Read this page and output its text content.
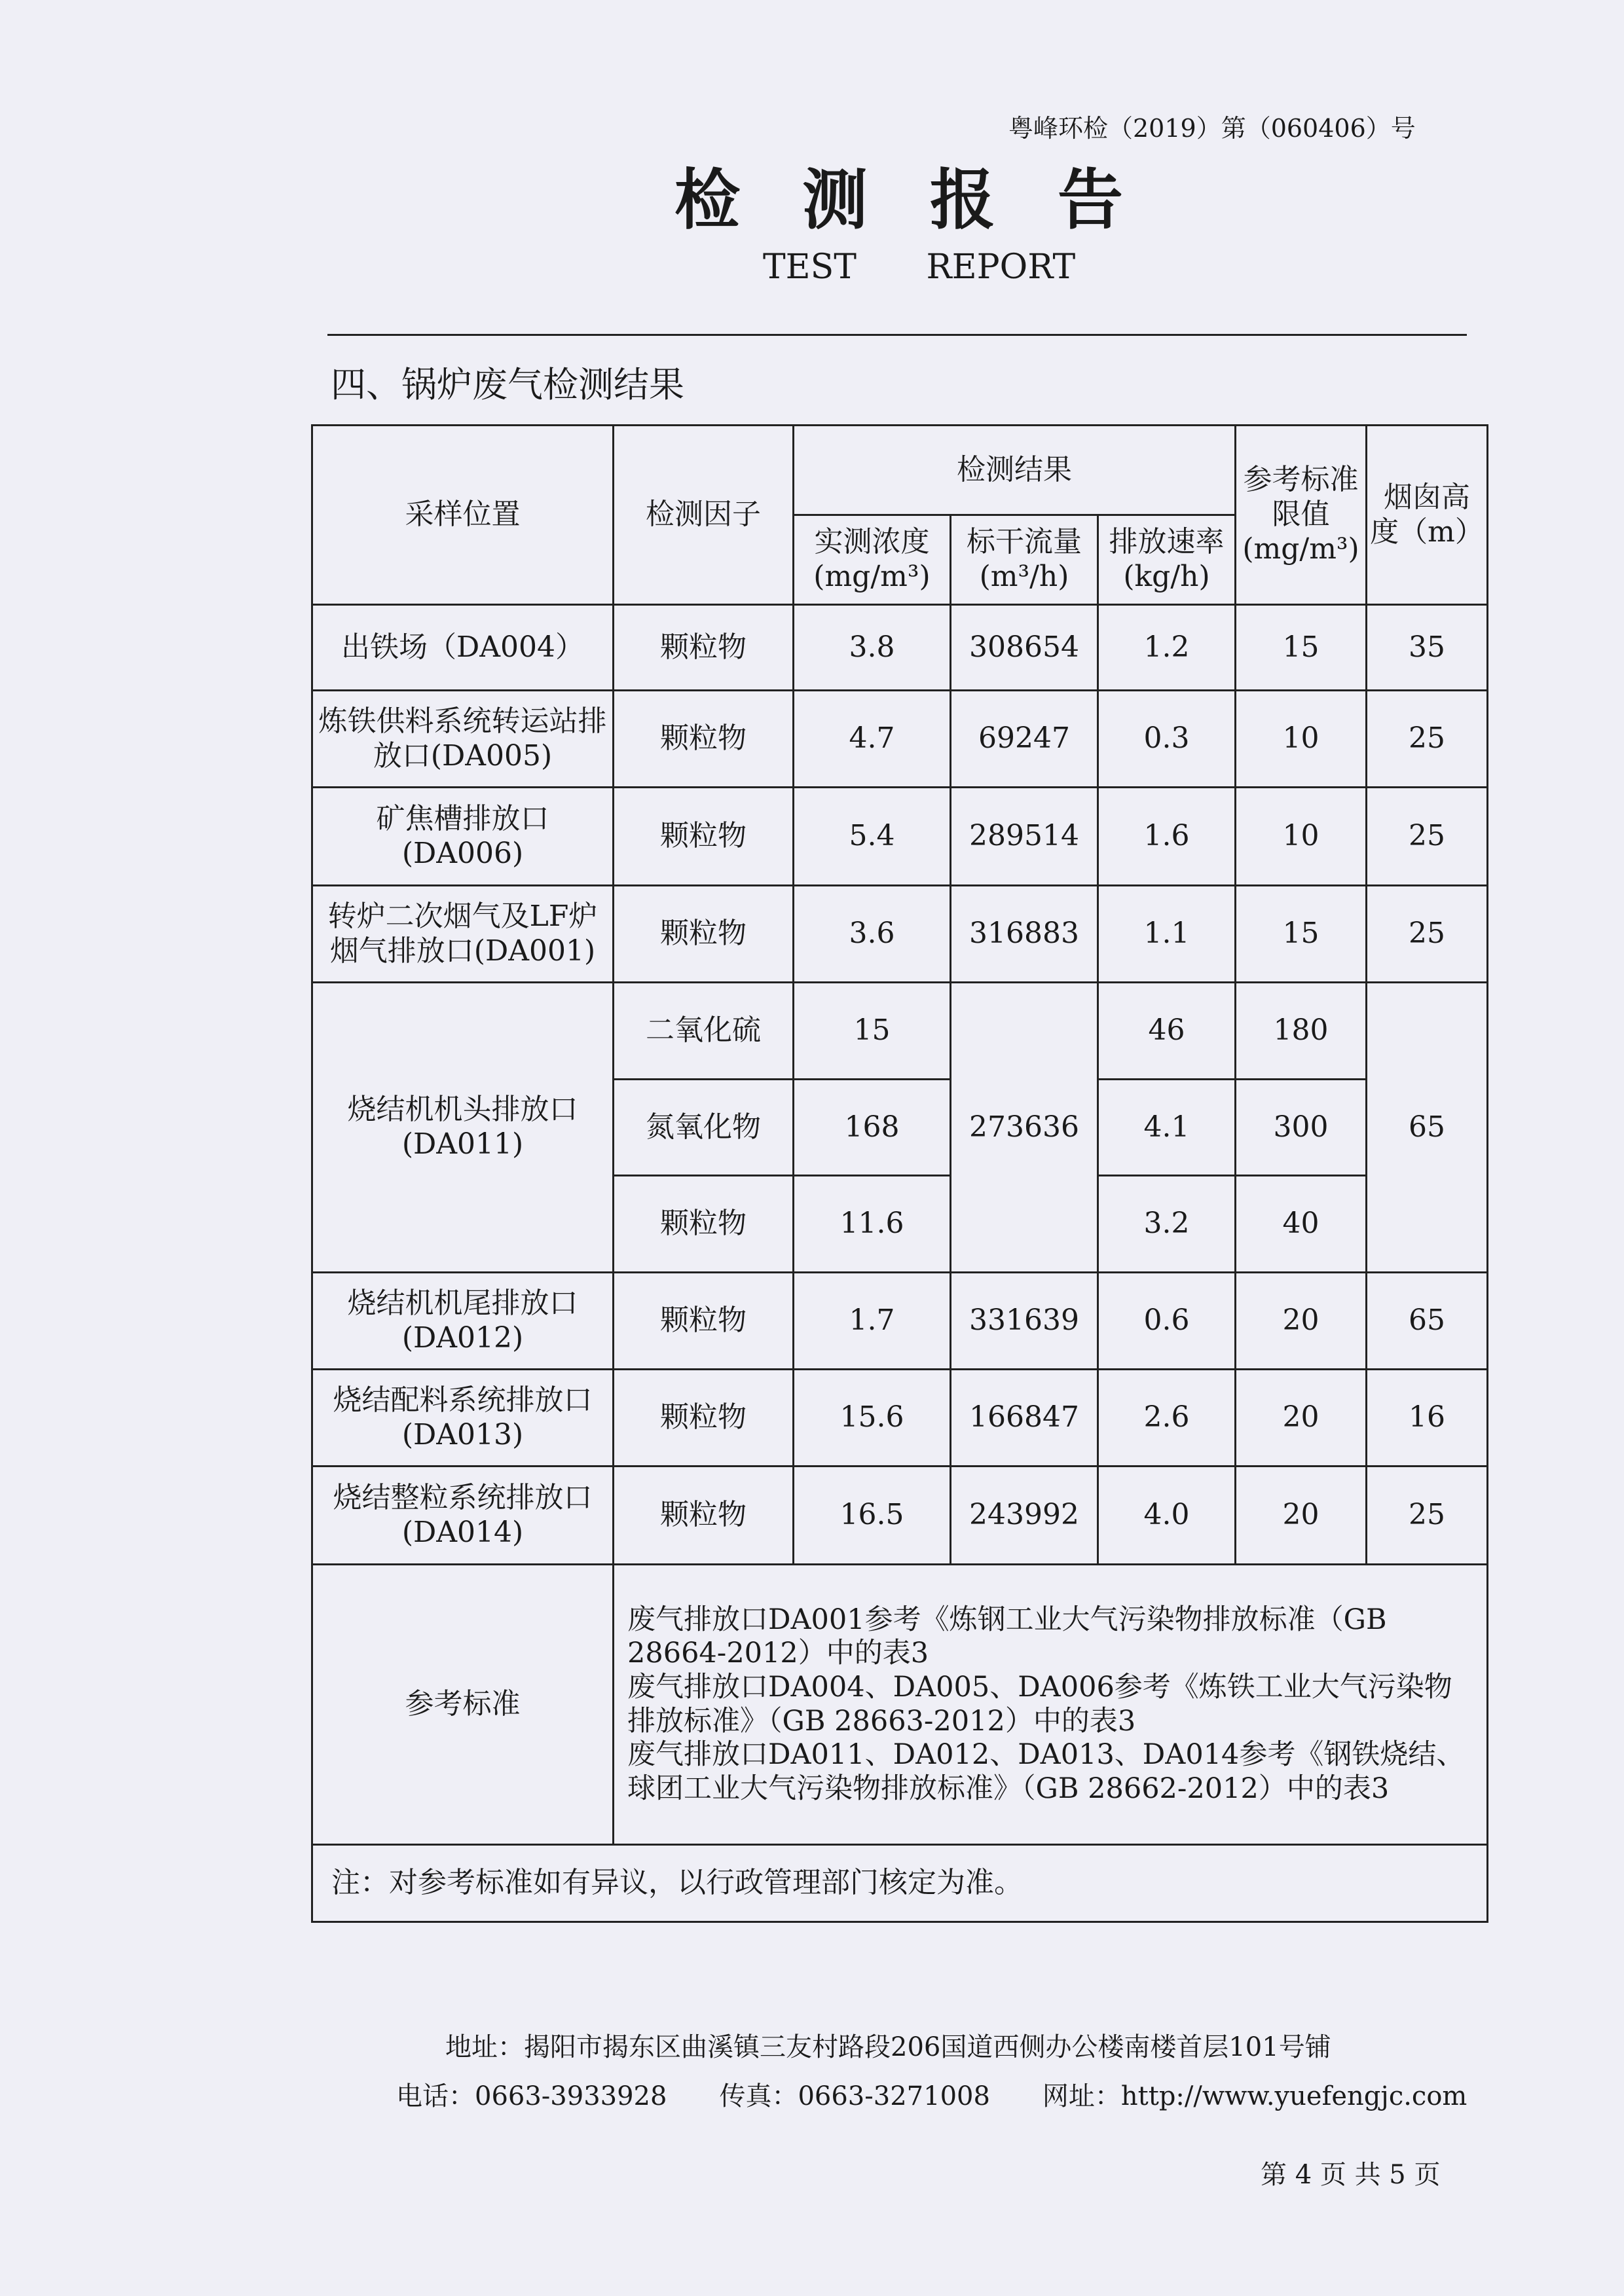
粤峰环检（2019）第（060406）号
检测报告
TEST REPORT
四、锅炉废气检测结果
采样位置	检测因子	检测结果			参考标准限值(mg/m³)	烟囱高度（m）
		实测浓度(mg/m³)	标干流量(m³/h)	排放速率(kg/h)		
出铁场（DA004）	颗粒物	3.8	308654	1.2	15	35
炼铁供料系统转运站排放口(DA005)	颗粒物	4.7	69247	0.3	10	25
矿焦槽排放口(DA006)	颗粒物	5.4	289514	1.6	10	25
转炉二次烟气及LF炉烟气排放口(DA001)	颗粒物	3.6	316883	1.1	15	25
烧结机机头排放口(DA011)	二氧化硫	15	273636	46	180	65
	氮氧化物	168		4.1	300	
	颗粒物	11.6		3.2	40	
烧结机机尾排放口(DA012)	颗粒物	1.7	331639	0.6	20	65
烧结配料系统排放口(DA013)	颗粒物	15.6	166847	2.6	20	16
烧结整粒系统排放口(DA014)	颗粒物	16.5	243992	4.0	20	25
参考标准	废气排放口DA001参考《炼钢工业大气污染物排放标准（GB 28664-2012）中的表3
废气排放口DA004、DA005、DA006参考《炼铁工业大气污染物排放标准》（GB 28663-2012）中的表3
废气排放口DA011、DA012、DA013、DA014参考《钢铁烧结、球团工业大气污染物排放标准》（GB 28662-2012）中的表3					

注：对参考标准如有异议，以行政管理部门核定为准。						
地址：揭阳市揭东区曲溪镇三友村路段206国道西侧办公楼南楼首层101号铺
电话：0663-3933928　　传真：0663-3271008　　网址：http://www.yuefengjc.com
第 4 页 共 5 页
